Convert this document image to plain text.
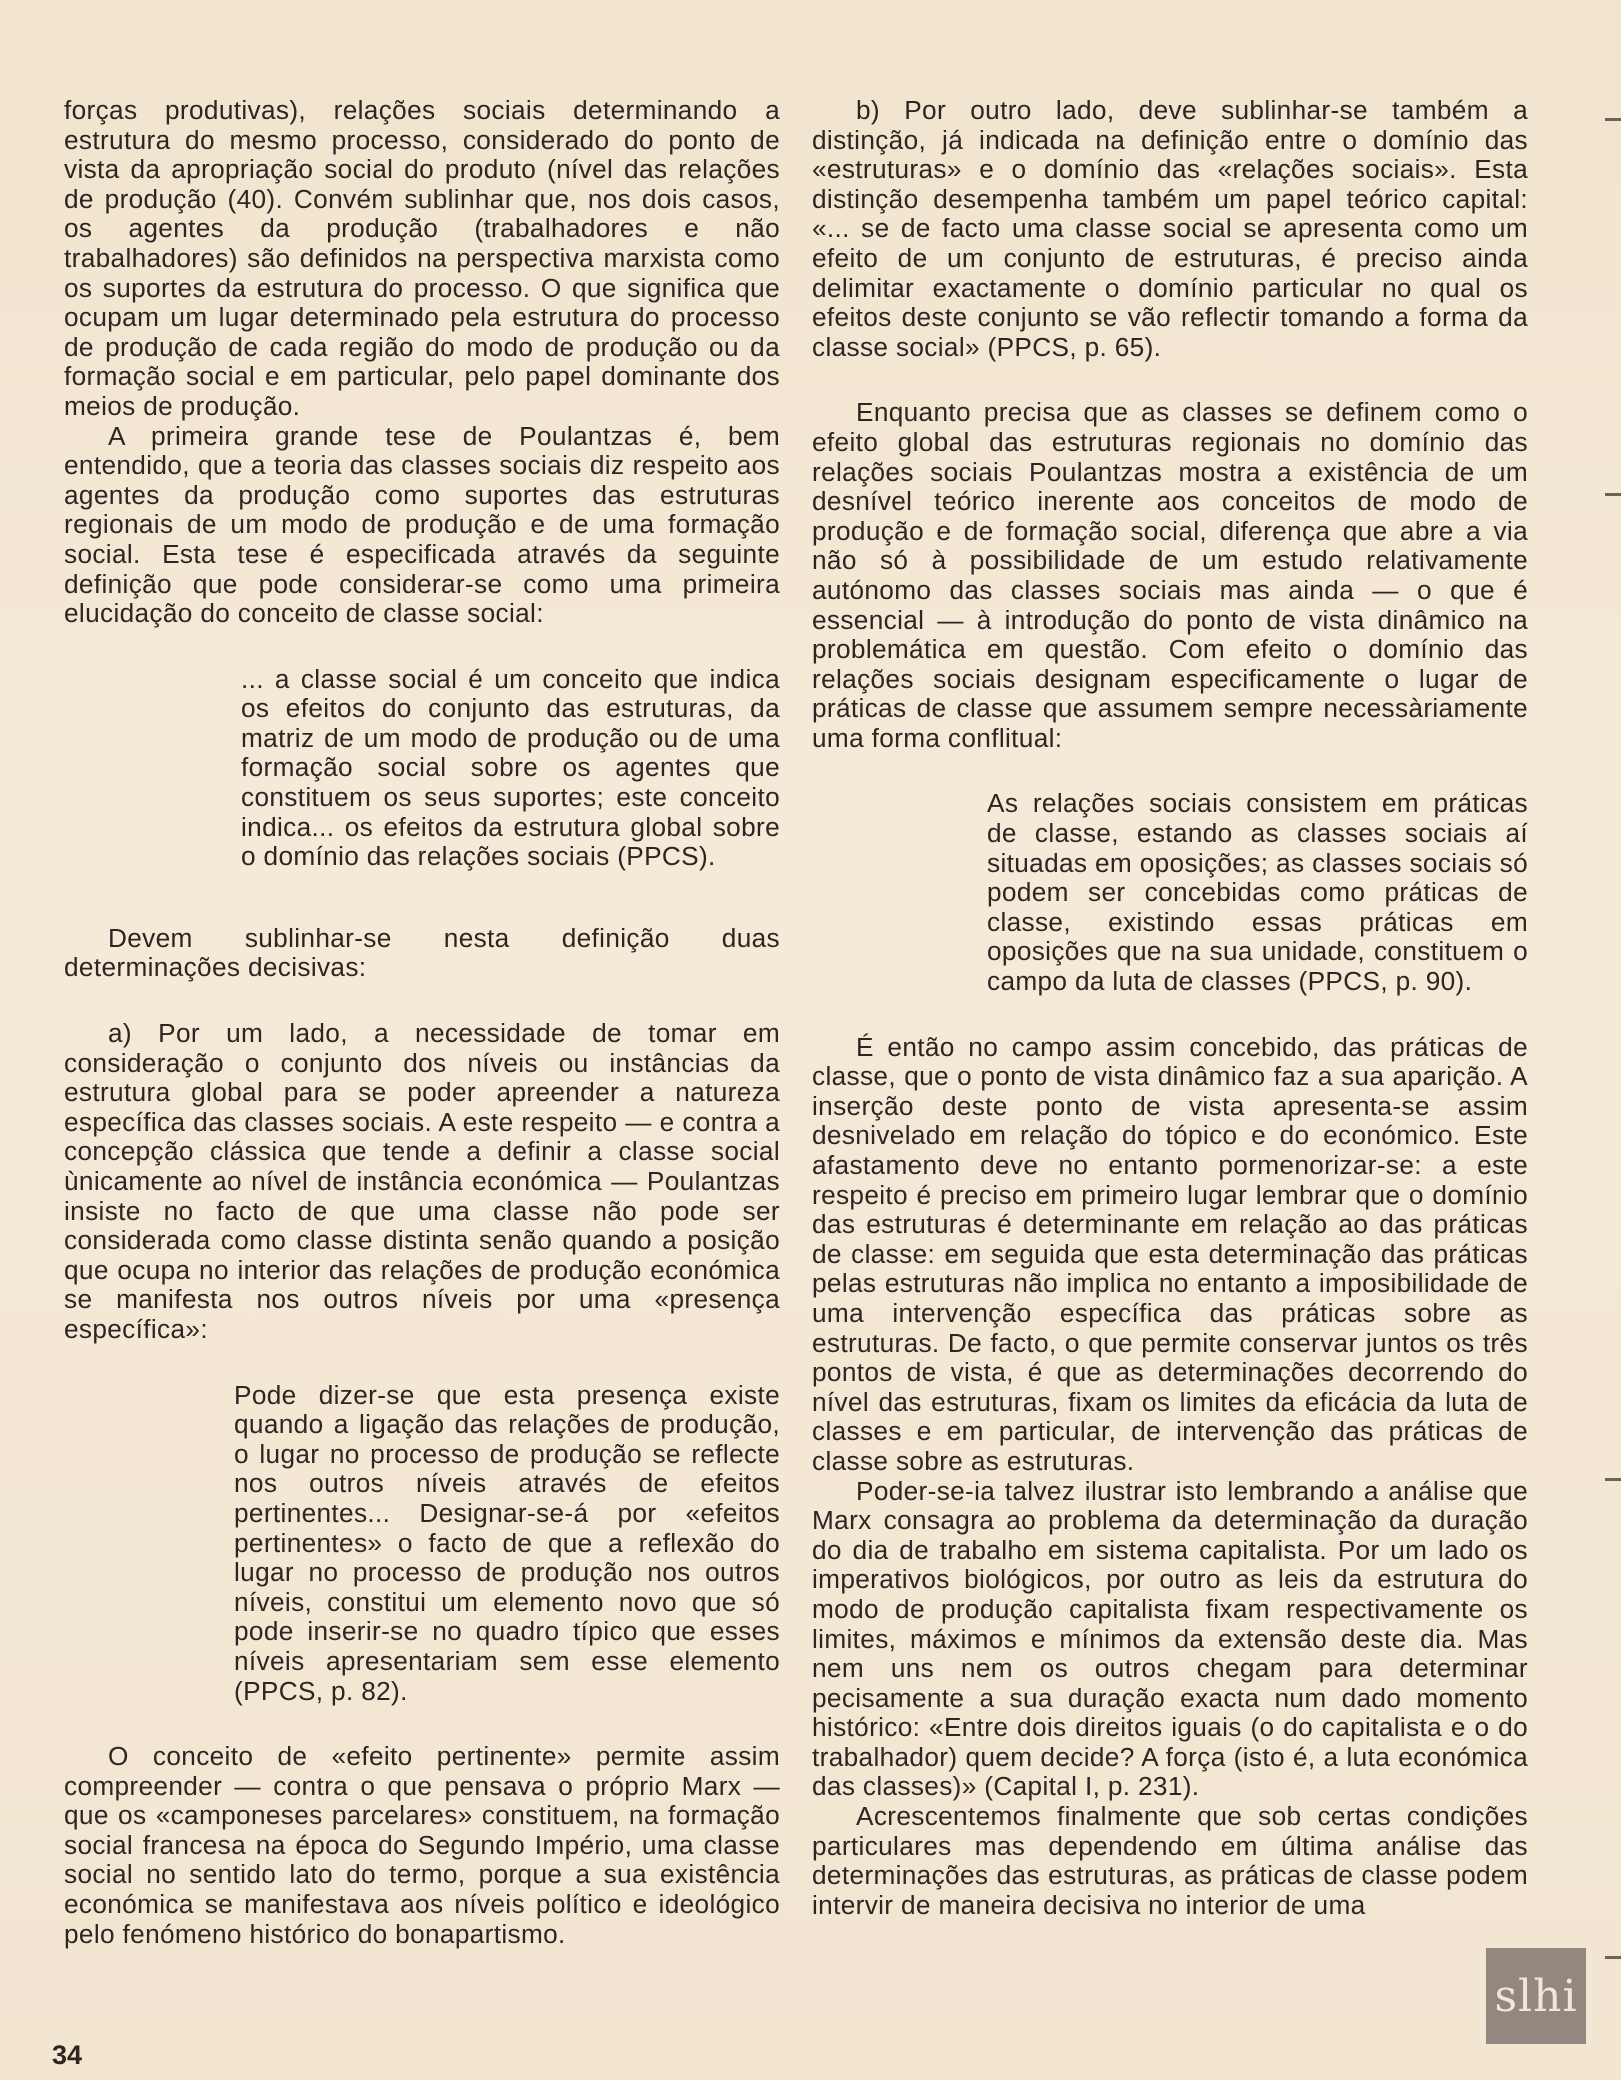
forças produtivas), relações sociais determinando a estrutura do mesmo processo, considerado do ponto de vista da apropriação social do produto (nível das relações de produção (40). Convém sublinhar que, nos dois casos, os agentes da produção (trabalhadores e não trabalhadores) são definidos na perspectiva marxista como os suportes da estrutura do processo. O que significa que ocupam um lugar determinado pela estrutura do processo de produção de cada região do modo de produção ou da formação social e em particular, pelo papel dominante dos meios de produção.

A primeira grande tese de Poulantzas é, bem entendido, que a teoria das classes sociais diz respeito aos agentes da produção como suportes das estruturas regionais de um modo de produção e de uma formação social. Esta tese é especificada através da seguinte definição que pode considerar-se como uma primeira elucidação do conceito de classe social:

... a classe social é um conceito que indica os efeitos do conjunto das estruturas, da matriz de um modo de produção ou de uma formação social sobre os agentes que constituem os seus suportes; este conceito indica... os efeitos da estrutura global sobre o domínio das relações sociais (PPCS).

Devem sublinhar-se nesta definição duas determinações decisivas:

a) Por um lado, a necessidade de tomar em consideração o conjunto dos níveis ou instâncias da estrutura global para se poder apreender a natureza específica das classes sociais. A este respeito — e contra a concepção clássica que tende a definir a classe social ùnicamente ao nível de instância económica — Poulantzas insiste no facto de que uma classe não pode ser considerada como classe distinta senão quando a posição que ocupa no interior das relações de produção económica se manifesta nos outros níveis por uma «presença específica»:

Pode dizer-se que esta presença existe quando a ligação das relações de produção, o lugar no processo de produção se reflecte nos outros níveis através de efeitos pertinentes... Designar-se-á por «efeitos pertinentes» o facto de que a reflexão do lugar no processo de produção nos outros níveis, constitui um elemento novo que só pode inserir-se no quadro típico que esses níveis apresentariam sem esse elemento (PPCS, p. 82).

O conceito de «efeito pertinente» permite assim compreender — contra o que pensava o próprio Marx — que os «camponeses parcelares» constituem, na formação social francesa na época do Segundo Império, uma classe social no sentido lato do termo, porque a sua existência económica se manifestava aos níveis político e ideológico pelo fenómeno histórico do bonapartismo.

b) Por outro lado, deve sublinhar-se também a distinção, já indicada na definição entre o domínio das «estruturas» e o domínio das «relações sociais». Esta distinção desempenha também um papel teórico capital: «... se de facto uma classe social se apresenta como um efeito de um conjunto de estruturas, é preciso ainda delimitar exactamente o domínio particular no qual os efeitos deste conjunto se vão reflectir tomando a forma da classe social» (PPCS, p. 65).

Enquanto precisa que as classes se definem como o efeito global das estruturas regionais no domínio das relações sociais Poulantzas mostra a existência de um desnível teórico inerente aos conceitos de modo de produção e de formação social, diferença que abre a via não só à possibilidade de um estudo relativamente autónomo das classes sociais mas ainda — o que é essencial — à introdução do ponto de vista dinâmico na problemática em questão. Com efeito o domínio das relações sociais designam especificamente o lugar de práticas de classe que assumem sempre necessàriamente uma forma conflitual:

As relações sociais consistem em práticas de classe, estando as classes sociais aí situadas em oposições; as classes sociais só podem ser concebidas como práticas de classe, existindo essas práticas em oposições que na sua unidade, constituem o campo da luta de classes (PPCS, p. 90).

É então no campo assim concebido, das práticas de classe, que o ponto de vista dinâmico faz a sua aparição. A inserção deste ponto de vista apresenta-se assim desnivelado em relação do tópico e do económico. Este afastamento deve no entanto pormenorizar-se: a este respeito é preciso em primeiro lugar lembrar que o domínio das estruturas é determinante em relação ao das práticas de classe: em seguida que esta determinação das práticas pelas estruturas não implica no entanto a imposibilidade de uma intervenção específica das práticas sobre as estruturas. De facto, o que permite conservar juntos os três pontos de vista, é que as determinações decorrendo do nível das estruturas, fixam os limites da eficácia da luta de classes e em particular, de intervenção das práticas de classe sobre as estruturas.

Poder-se-ia talvez ilustrar isto lembrando a análise que Marx consagra ao problema da determinação da duração do dia de trabalho em sistema capitalista. Por um lado os imperativos biológicos, por outro as leis da estrutura do modo de produção capitalista fixam respectivamente os limites, máximos e mínimos da extensão deste dia. Mas nem uns nem os outros chegam para determinar pecisamente a sua duração exacta num dado momento histórico: «Entre dois direitos iguais (o do capitalista e o do trabalhador) quem decide? A força (isto é, a luta económica das classes)» (Capital I, p. 231).

Acrescentemos finalmente que sob certas condições particulares mas dependendo em última análise das determinações das estruturas, as práticas de classe podem intervir de maneira decisiva no interior de uma

34
slhi
